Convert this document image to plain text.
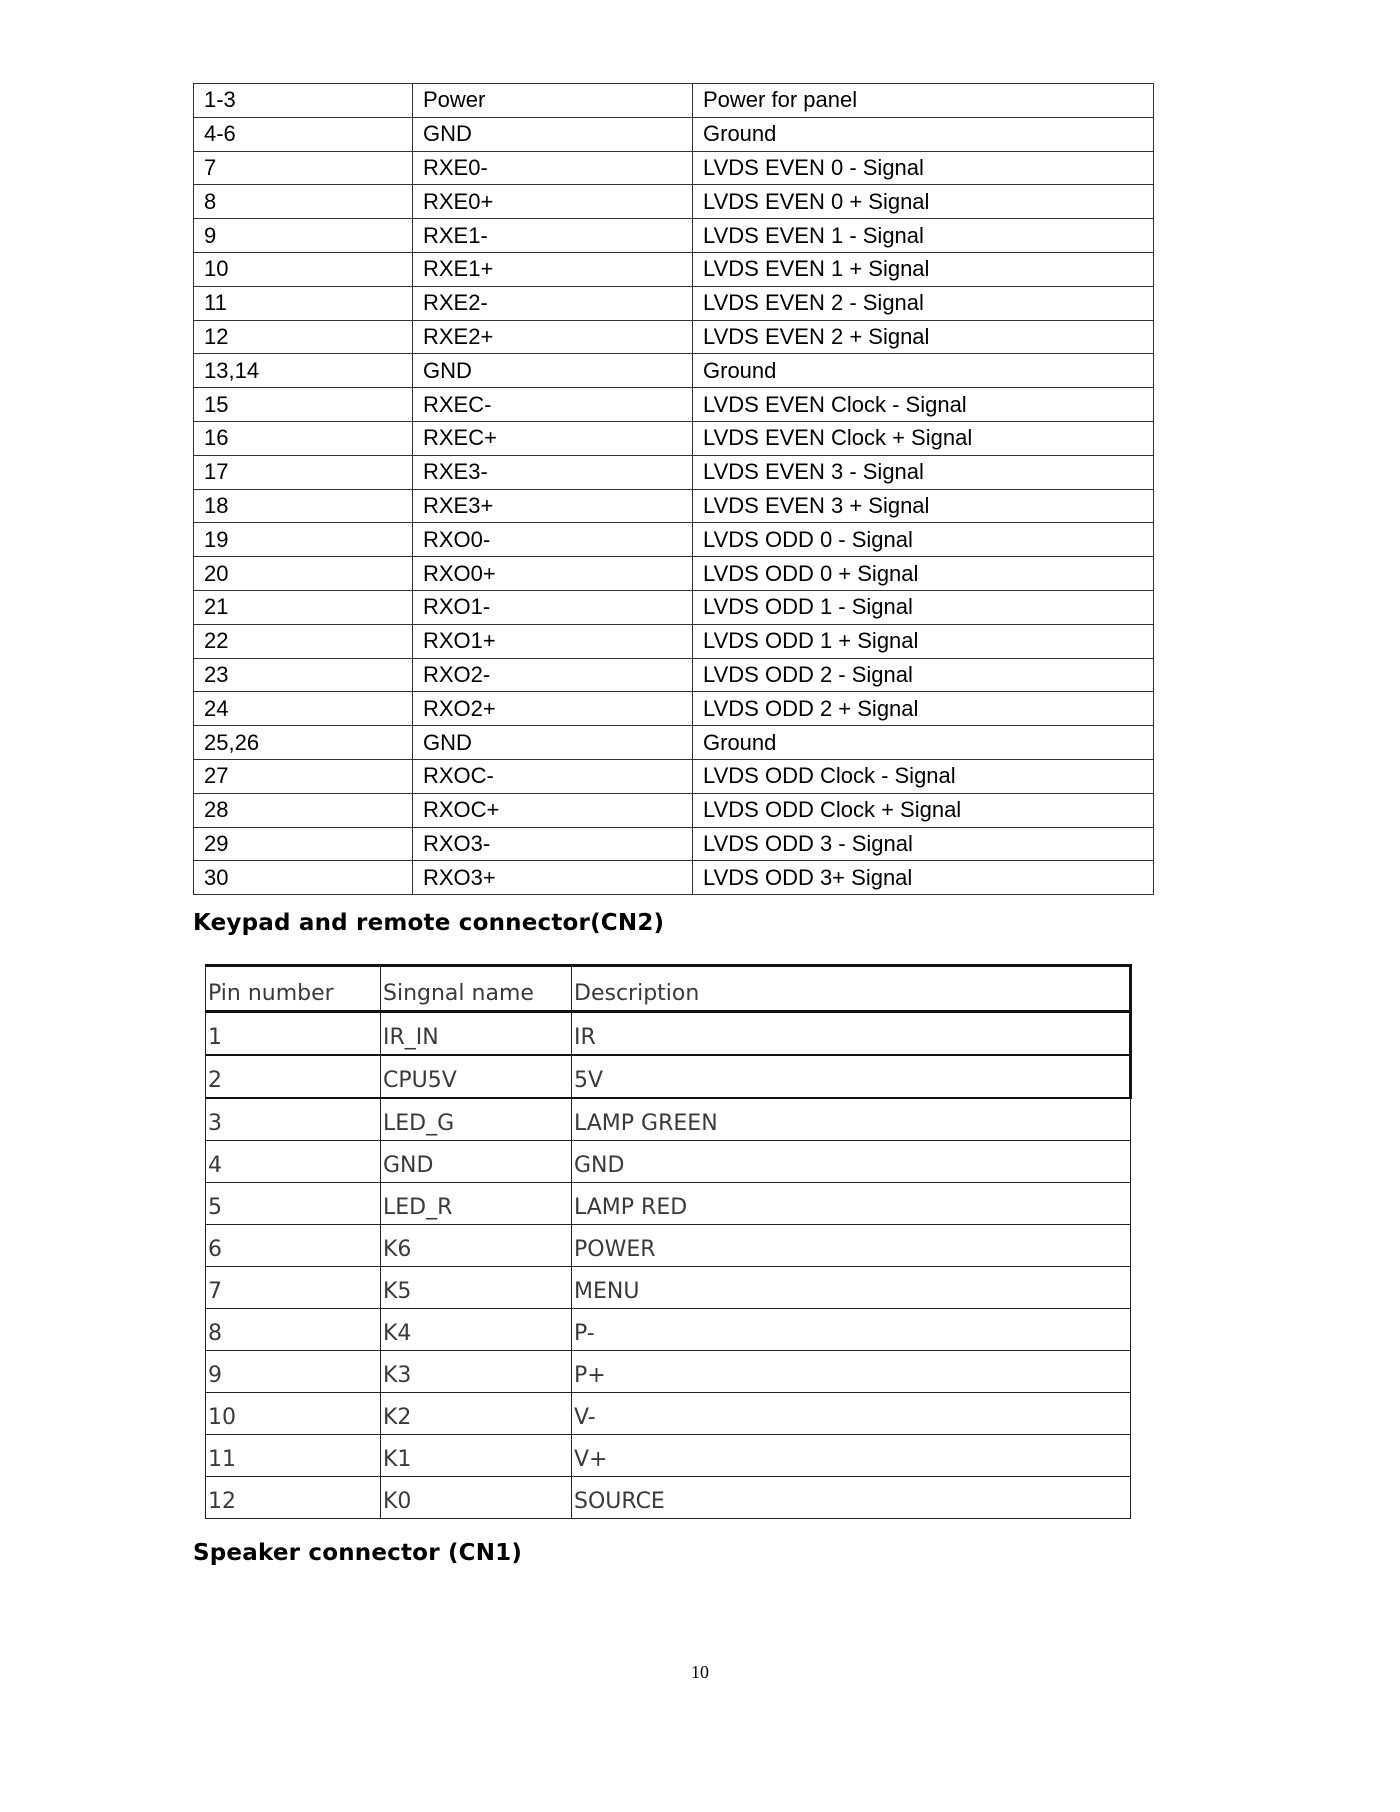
1-3	Power	Power for panel
4-6	GND	Ground
7	RXE0-	LVDS EVEN 0 - Signal
8	RXE0+	LVDS EVEN 0 + Signal
9	RXE1-	LVDS EVEN 1 - Signal
10	RXE1+	LVDS EVEN 1 + Signal
11	RXE2-	LVDS EVEN 2 - Signal
12	RXE2+	LVDS EVEN 2 + Signal
13,14	GND	Ground
15	RXEC-	LVDS EVEN Clock - Signal
16	RXEC+	LVDS EVEN Clock + Signal
17	RXE3-	LVDS EVEN 3 - Signal
18	RXE3+	LVDS EVEN 3 + Signal
19	RXO0-	LVDS ODD 0 - Signal
20	RXO0+	LVDS ODD 0 + Signal
21	RXO1-	LVDS ODD 1 - Signal
22	RXO1+	LVDS ODD 1 + Signal
23	RXO2-	LVDS ODD 2 - Signal
24	RXO2+	LVDS ODD 2 + Signal
25,26	GND	Ground
27	RXOC-	LVDS ODD Clock - Signal
28	RXOC+	LVDS ODD Clock + Signal
29	RXO3-	LVDS ODD 3 - Signal
30	RXO3+	LVDS ODD 3+ Signal
Keypad and remote connector(CN2)
Pin number	Singnal name	Description
1	IR_IN	IR
2	CPU5V	5V
3	LED_G	LAMP GREEN
4	GND	GND
5	LED_R	LAMP RED
6	K6	POWER
7	K5	MENU
8	K4	P-
9	K3	P+
10	K2	V-
11	K1	V+
12	K0	SOURCE
Speaker connector (CN1)

10
